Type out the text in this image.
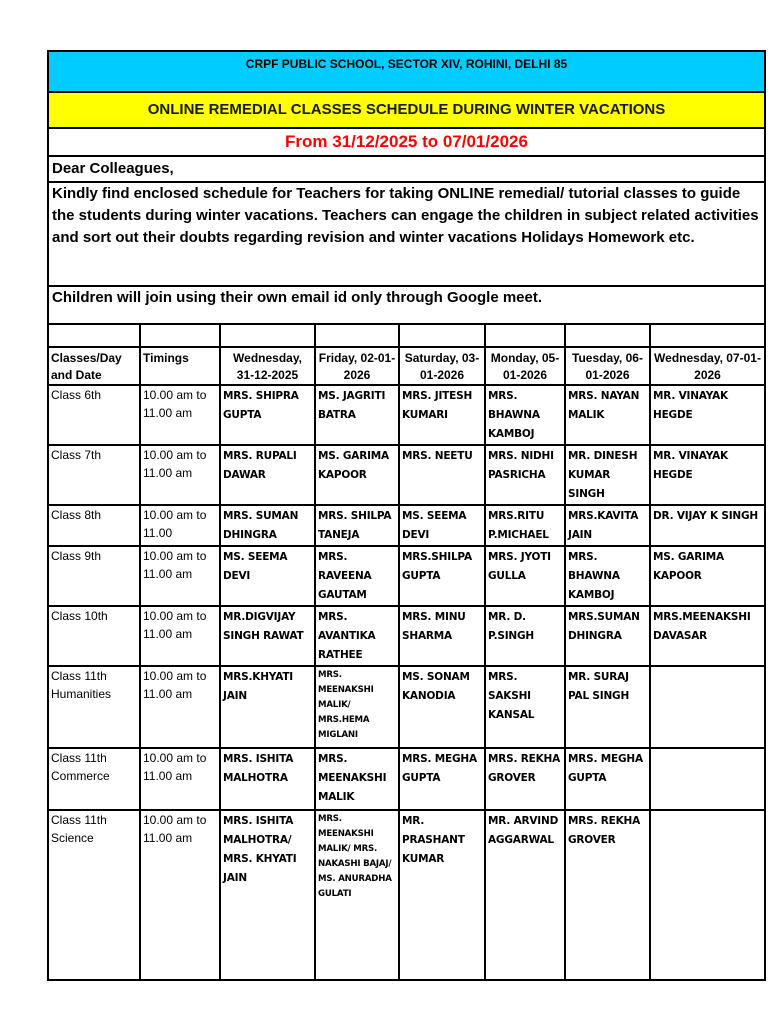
CRPF PUBLIC SCHOOL, SECTOR XIV, ROHINI, DELHI 85
ONLINE REMEDIAL CLASSES SCHEDULE DURING WINTER VACATIONS
From 31/12/2025 to 07/01/2026
Dear Colleagues,
Kindly find enclosed schedule for Teachers for taking ONLINE remedial/ tutorial classes to guide the students during winter vacations. Teachers can engage the children in subject related activities and sort out their doubts regarding revision and winter vacations Holidays Homework etc.
Children will join using their own email id only through Google meet.

Classes/Day and Date	Timings	Wednesday, 31-12-2025	Friday, 02-01-2026	Saturday, 03-01-2026	Monday, 05-01-2026	Tuesday, 06-01-2026	Wednesday, 07-01-2026
Class 6th	10.00 am to 11.00 am	MRS. SHIPRA GUPTA	MS. JAGRITI BATRA	MRS. JITESH KUMARI	MRS. BHAWNA KAMBOJ	MRS. NAYAN MALIK	MR. VINAYAK HEGDE
Class 7th	10.00 am to 11.00 am	MRS. RUPALI DAWAR	MS. GARIMA KAPOOR	MRS. NEETU	MRS. NIDHI PASRICHA	MR. DINESH KUMAR SINGH	MR. VINAYAK HEGDE
Class 8th	10.00 am to 11.00	MRS. SUMAN DHINGRA	MRS. SHILPA TANEJA	MS. SEEMA DEVI	MRS.RITU P.MICHAEL	MRS.KAVITA JAIN	DR. VIJAY K SINGH
Class 9th	10.00 am to 11.00 am	MS. SEEMA DEVI	MRS. RAVEENA GAUTAM	MRS.SHILPA GUPTA	MRS. JYOTI GULLA	MRS. BHAWNA KAMBOJ	MS. GARIMA KAPOOR
Class 10th	10.00 am to 11.00 am	MR.DIGVIJAY SINGH RAWAT	MRS. AVANTIKA RATHEE	MRS. MINU SHARMA	MR. D. P.SINGH	MRS.SUMAN DHINGRA	MRS.MEENAKSHI DAVASAR
Class 11th Humanities	10.00 am to 11.00 am	MRS.KHYATI JAIN	MRS. MEENAKSHI MALIK/ MRS.HEMA MIGLANI	MS. SONAM KANODIA	MRS. SAKSHI KANSAL	MR. SURAJ PAL SINGH	
Class 11th Commerce	10.00 am to 11.00 am	MRS. ISHITA MALHOTRA	MRS. MEENAKSHI MALIK	MRS. MEGHA GUPTA	MRS. REKHA GROVER	MRS. MEGHA GUPTA	
Class 11th Science	10.00 am to 11.00 am	MRS. ISHITA MALHOTRA/ MRS. KHYATI JAIN	MRS. MEENAKSHI MALIK/ MRS. NAKASHI BAJAJ/ MS. ANURADHA GULATI	MR. PRASHANT KUMAR	MR. ARVIND AGGARWAL	MRS. REKHA GROVER	
